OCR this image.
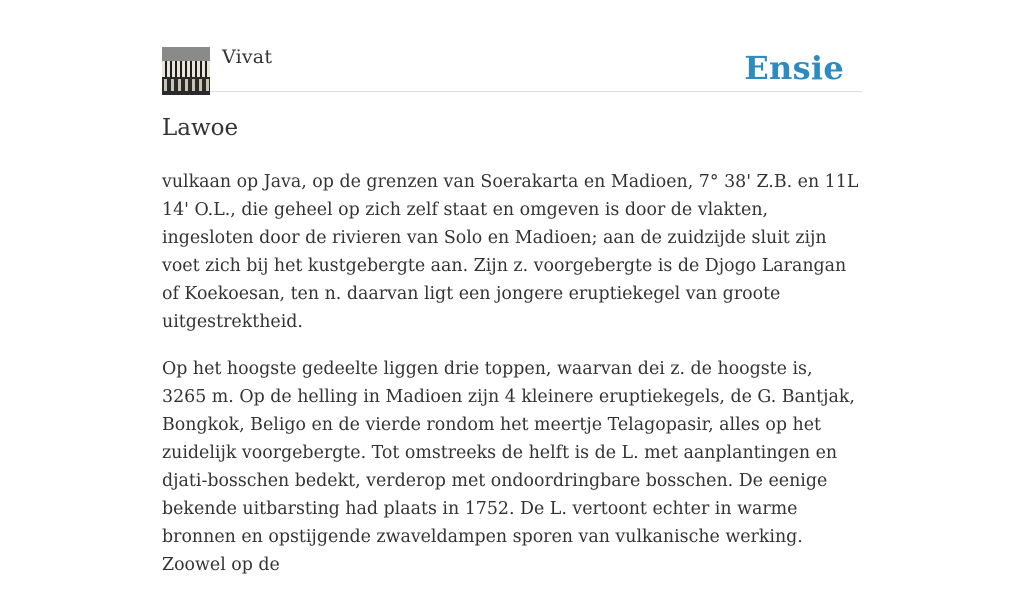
Vivat	Ensie
Lawoe

vulkaan op Java, op de grenzen van Soerakarta en Madioen, 7° 38' Z.B. en 11L 14' O.L., die geheel op zich zelf staat en omgeven is door de vlakten, ingesloten door de rivieren van Solo en Madioen; aan de zuidzijde sluit zijn voet zich bij het kustgebergte aan. Zijn z. voorgebergte is de Djogo Larangan of Koekoesan, ten n. daarvan ligt een jongere eruptiekegel van groote uitgestrektheid.

Op het hoogste gedeelte liggen drie toppen, waarvan dei z. de hoogste is, 3265 m. Op de helling in Madioen zijn 4 kleinere eruptiekegels, de G. Bantjak, Bongkok, Beligo en de vierde rondom het meertje Telagopasir, alles op het zuidelijk voorgebergte. Tot omstreeks de helft is de L. met aanplantingen en djati-bosschen bedekt, verderop met ondoordringbare bosschen. De eenige bekende uitbarsting had plaats in 1752. De L. vertoont echter in warme bronnen en opstijgende zwaveldampen sporen van vulkanische werking. Zoowel op de
